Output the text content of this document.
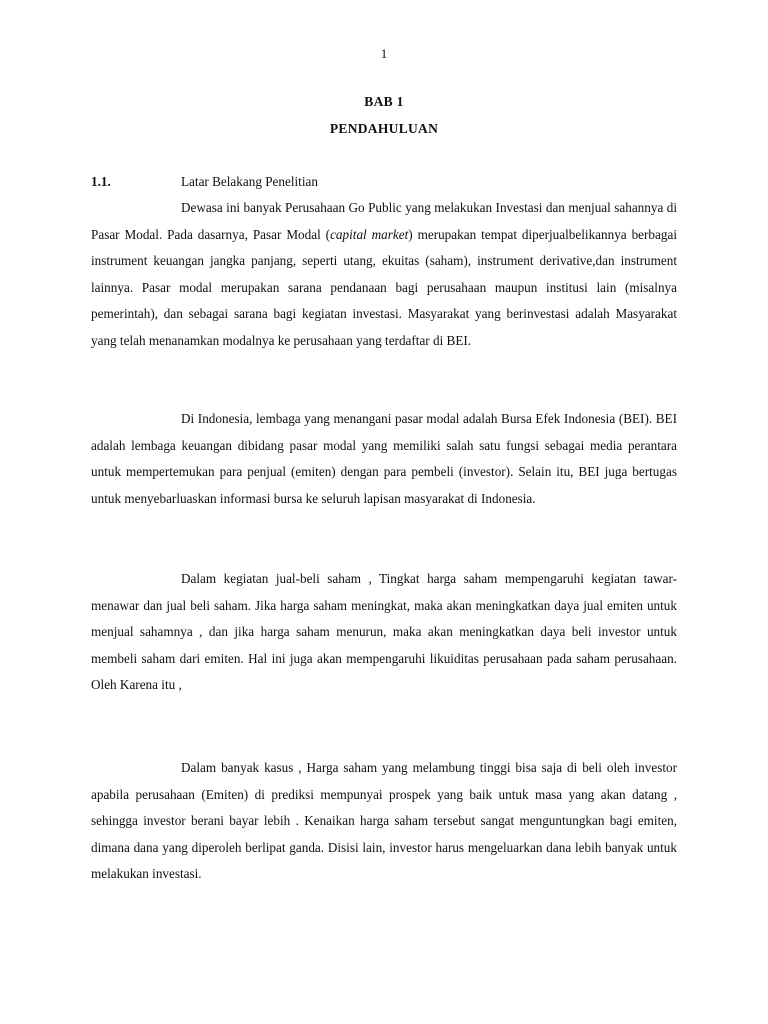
1
BAB 1
PENDAHULUAN
1.1.	Latar Belakang Penelitian

Dewasa ini banyak Perusahaan Go Public yang melakukan Investasi dan menjual sahannya di Pasar Modal. Pada dasarnya, Pasar Modal (capital market) merupakan tempat diperjualbelikannya berbagai instrument keuangan jangka panjang, seperti utang, ekuitas (saham), instrument derivative,dan instrument lainnya. Pasar modal merupakan sarana pendanaan bagi perusahaan maupun institusi lain (misalnya pemerintah), dan sebagai sarana bagi kegiatan investasi. Masyarakat yang berinvestasi adalah Masyarakat yang telah menanamkan modalnya ke perusahaan yang terdaftar di BEI.

Di Indonesia, lembaga yang menangani pasar modal adalah Bursa Efek Indonesia (BEI). BEI adalah lembaga keuangan dibidang pasar modal yang memiliki salah satu fungsi sebagai media perantara untuk mempertemukan para penjual (emiten) dengan para pembeli (investor). Selain itu, BEI juga bertugas untuk menyebarluaskan informasi bursa ke seluruh lapisan masyarakat di Indonesia.

Dalam kegiatan jual-beli saham , Tingkat harga saham mempengaruhi kegiatan tawar-menawar dan jual beli saham. Jika harga saham meningkat, maka akan meningkatkan daya jual emiten untuk menjual sahamnya , dan jika harga saham menurun, maka akan meningkatkan daya beli investor untuk membeli saham dari emiten. Hal ini juga akan mempengaruhi likuiditas perusahaan pada saham perusahaan. Oleh Karena itu ,

Dalam banyak kasus , Harga saham yang melambung tinggi bisa saja di beli oleh investor apabila perusahaan (Emiten) di prediksi mempunyai prospek yang baik untuk masa yang akan datang , sehingga investor berani bayar lebih . Kenaikan harga saham tersebut sangat menguntungkan bagi emiten, dimana dana yang diperoleh berlipat ganda. Disisi lain, investor harus mengeluarkan dana lebih banyak untuk melakukan investasi.
